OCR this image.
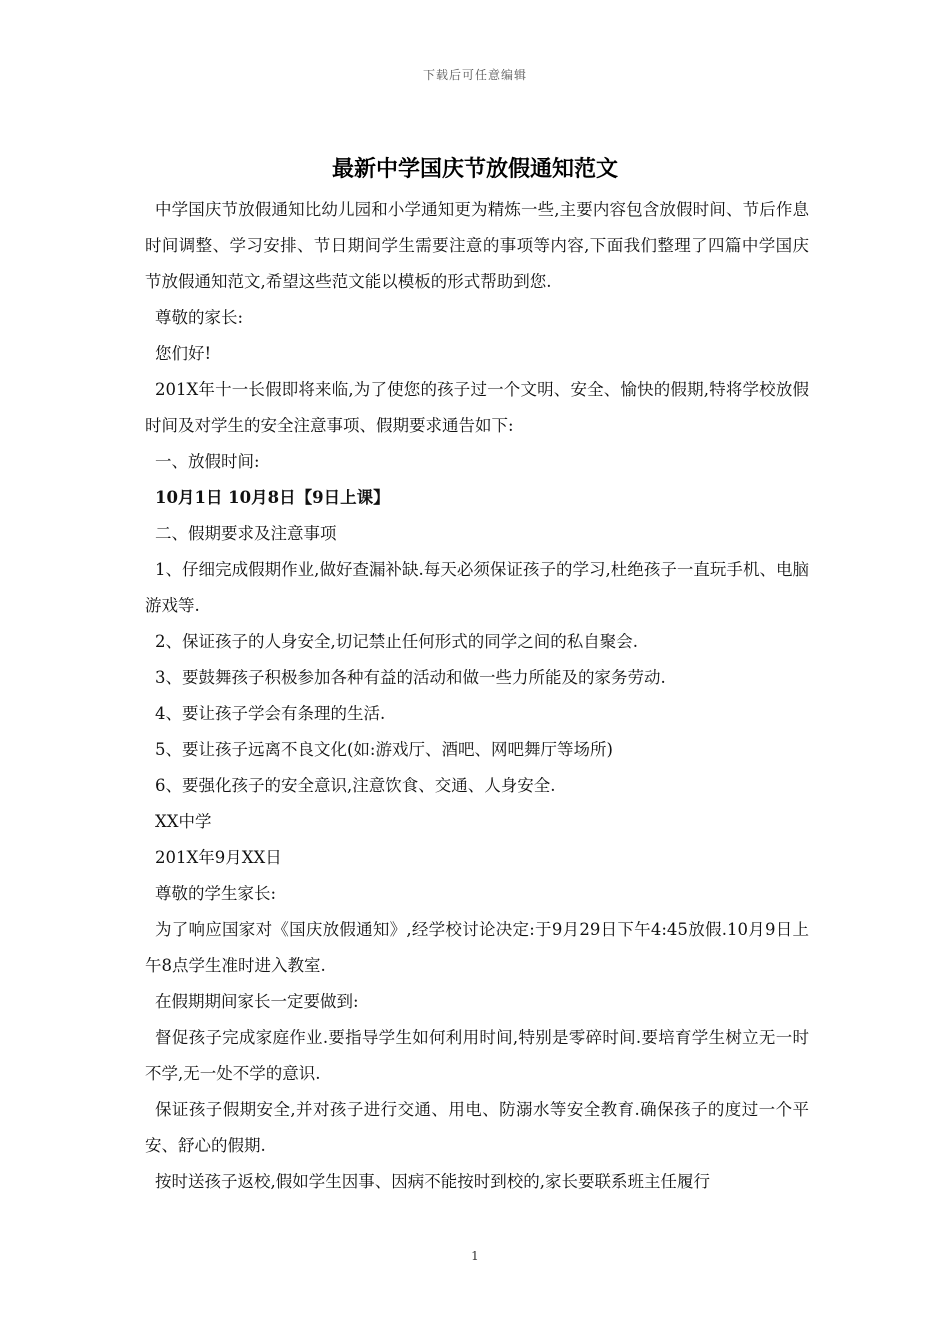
下载后可任意编辑
最新中学国庆节放假通知范文

中学国庆节放假通知比幼儿园和小学通知更为精炼一些,主要内容包含放假时间、节后作息时间调整、学习安排、节日期间学生需要注意的事项等内容,下面我们整理了四篇中学国庆节放假通知范文,希望这些范文能以模板的形式帮助到您.

尊敬的家长:

您们好!

201X年十一长假即将来临,为了使您的孩子过一个文明、安全、愉快的假期,特将学校放假时间及对学生的安全注意事项、假期要求通告如下:

一、放假时间:

10月1日 10月8日【9日上课】

二、假期要求及注意事项

1、仔细完成假期作业,做好查漏补缺.每天必须保证孩子的学习,杜绝孩子一直玩手机、电脑游戏等.

2、保证孩子的人身安全,切记禁止任何形式的同学之间的私自聚会.

3、要鼓舞孩子积极参加各种有益的活动和做一些力所能及的家务劳动.

4、要让孩子学会有条理的生活.

5、要让孩子远离不良文化(如:游戏厅、酒吧、网吧舞厅等场所)

6、要强化孩子的安全意识,注意饮食、交通、人身安全.

XX中学

201X年9月XX日

尊敬的学生家长:

为了响应国家对《国庆放假通知》,经学校讨论决定:于9月29日下午4:45放假.10月9日上午8点学生准时进入教室.

在假期期间家长一定要做到:

督促孩子完成家庭作业.要指导学生如何利用时间,特别是零碎时间.要培育学生树立无一时不学,无一处不学的意识.

保证孩子假期安全,并对孩子进行交通、用电、防溺水等安全教育.确保孩子的度过一个平安、舒心的假期.

按时送孩子返校,假如学生因事、因病不能按时到校的,家长要联系班主任履行

1
